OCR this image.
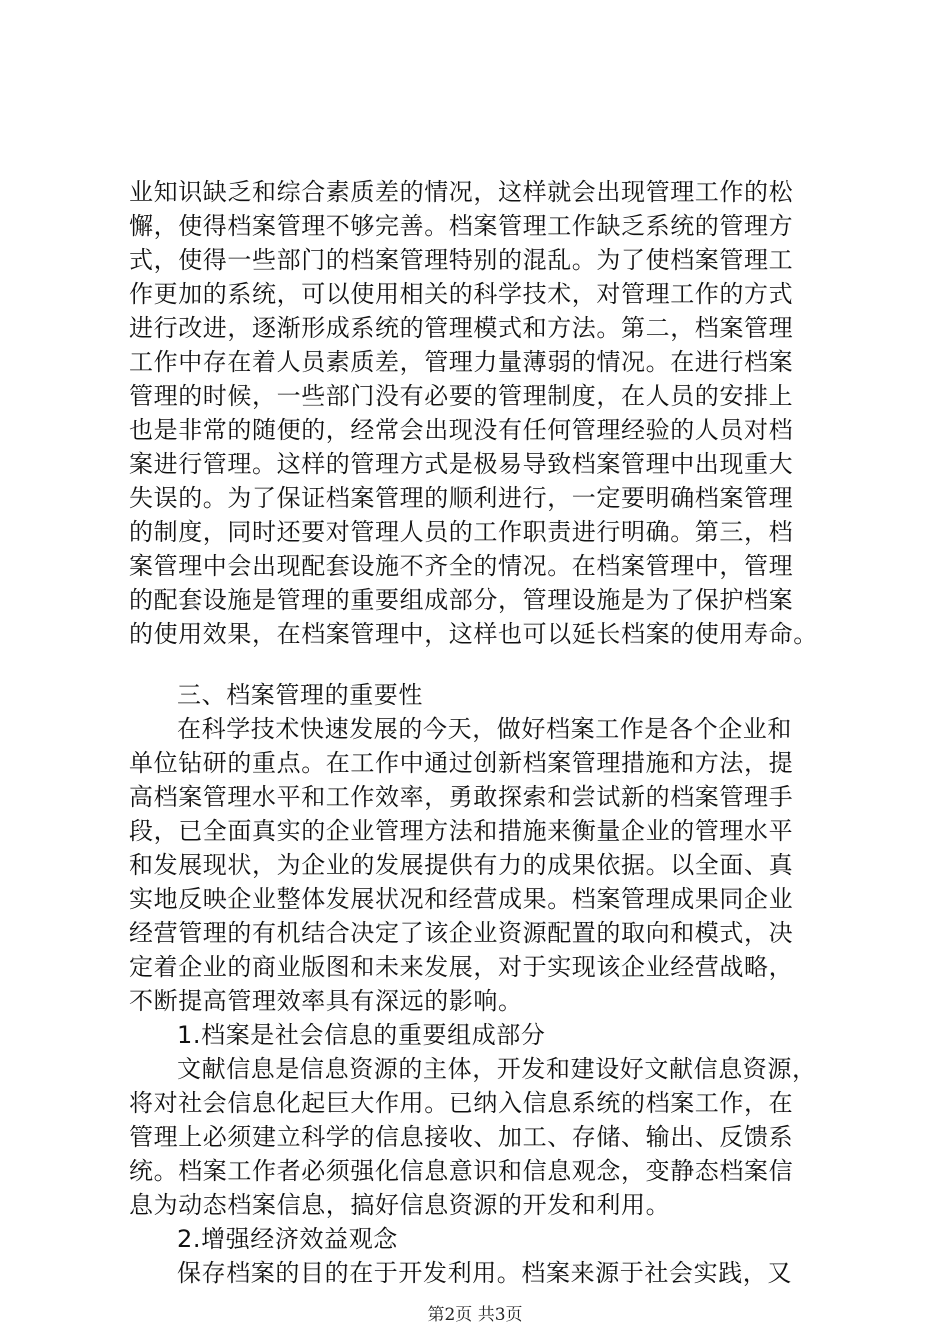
业知识缺乏和综合素质差的情况，这样就会出现管理工作的松
懈，使得档案管理不够完善。档案管理工作缺乏系统的管理方
式，使得一些部门的档案管理特别的混乱。为了使档案管理工
作更加的系统，可以使用相关的科学技术，对管理工作的方式
进行改进，逐渐形成系统的管理模式和方法。第二，档案管理
工作中存在着人员素质差，管理力量薄弱的情况。在进行档案
管理的时候，一些部门没有必要的管理制度，在人员的安排上
也是非常的随便的，经常会出现没有任何管理经验的人员对档
案进行管理。这样的管理方式是极易导致档案管理中出现重大
失误的。为了保证档案管理的顺利进行，一定要明确档案管理
的制度，同时还要对管理人员的工作职责进行明确。第三，档
案管理中会出现配套设施不齐全的情况。在档案管理中，管理
的配套设施是管理的重要组成部分，管理设施是为了保护档案
的使用效果，在档案管理中，这样也可以延长档案的使用寿命。
三、档案管理的重要性
在科学技术快速发展的今天，做好档案工作是各个企业和
单位钻研的重点。在工作中通过创新档案管理措施和方法，提
高档案管理水平和工作效率，勇敢探索和尝试新的档案管理手
段，已全面真实的企业管理方法和措施来衡量企业的管理水平
和发展现状，为企业的发展提供有力的成果依据。以全面、真
实地反映企业整体发展状况和经营成果。档案管理成果同企业
经营管理的有机结合决定了该企业资源配置的取向和模式，决
定着企业的商业版图和未来发展，对于实现该企业经营战略，
不断提高管理效率具有深远的影响。
1.档案是社会信息的重要组成部分
文献信息是信息资源的主体，开发和建设好文献信息资源，
将对社会信息化起巨大作用。已纳入信息系统的档案工作，在
管理上必须建立科学的信息接收、加工、存储、输出、反馈系
统。档案工作者必须强化信息意识和信息观念，变静态档案信
息为动态档案信息，搞好信息资源的开发和利用。
2.增强经济效益观念
保存档案的目的在于开发利用。档案来源于社会实践，又
第2页 共3页
